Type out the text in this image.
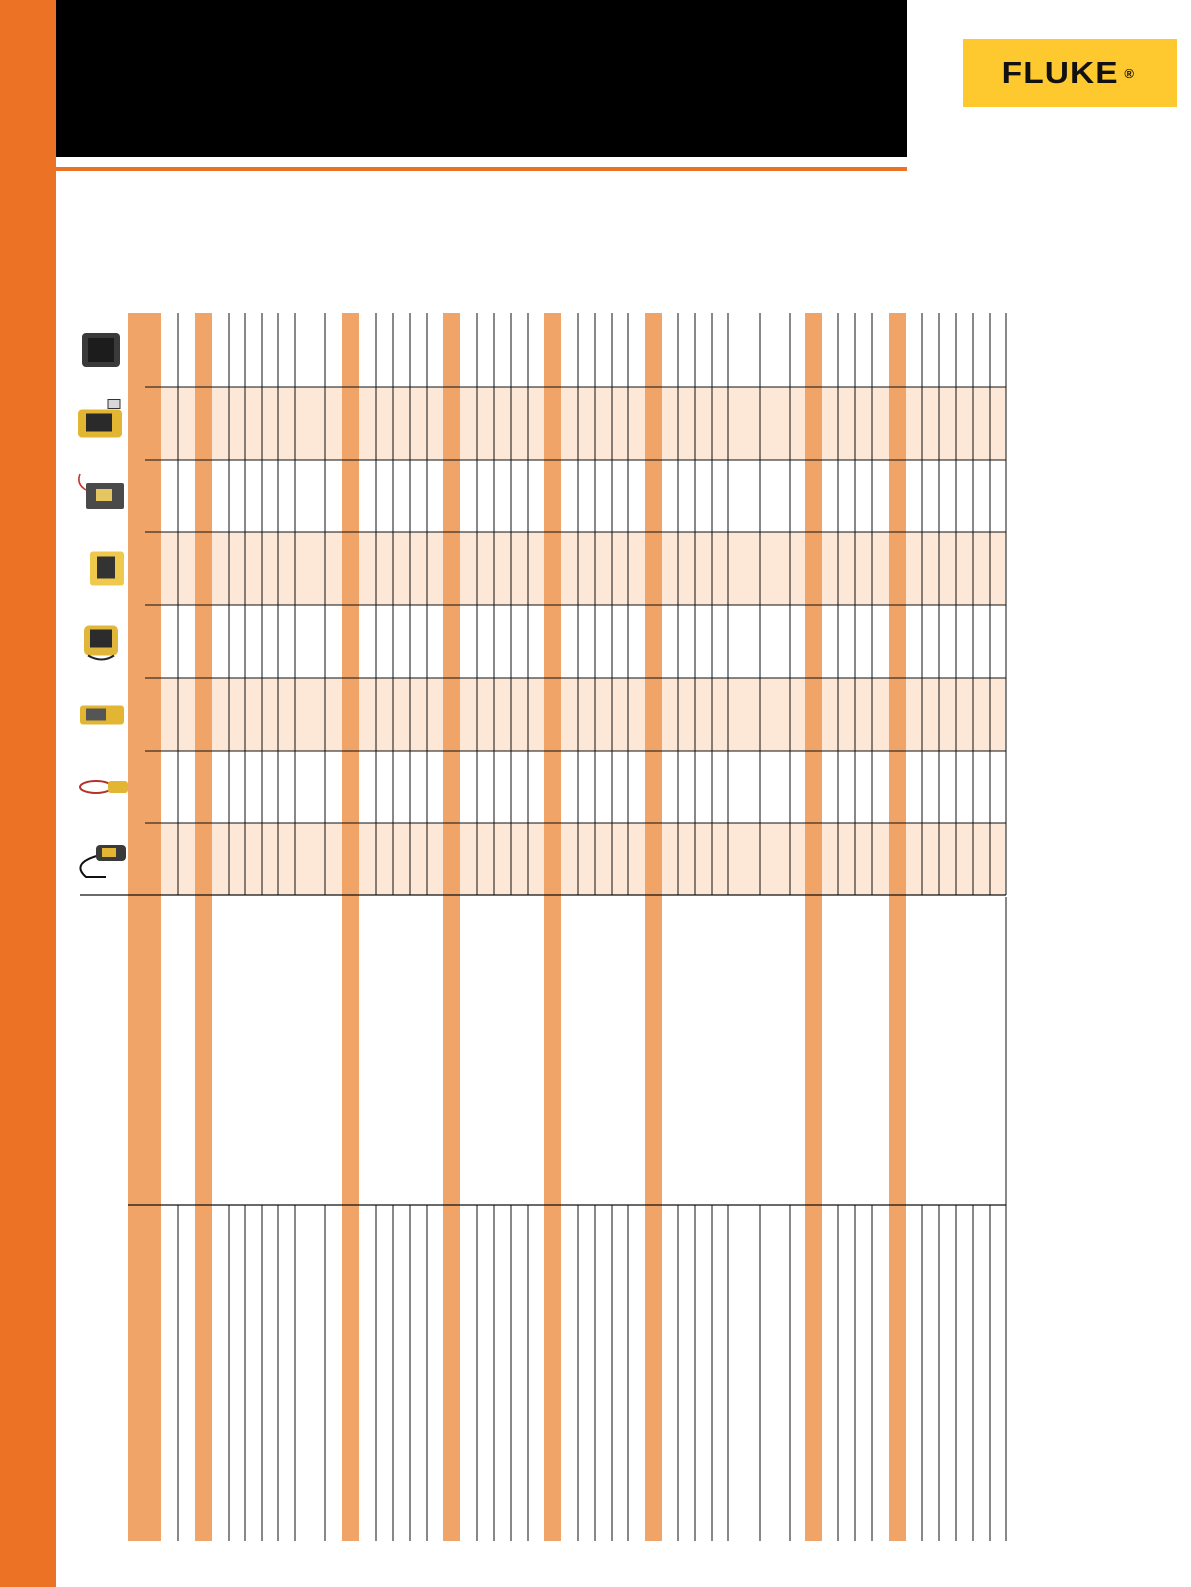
FLUKE ®
